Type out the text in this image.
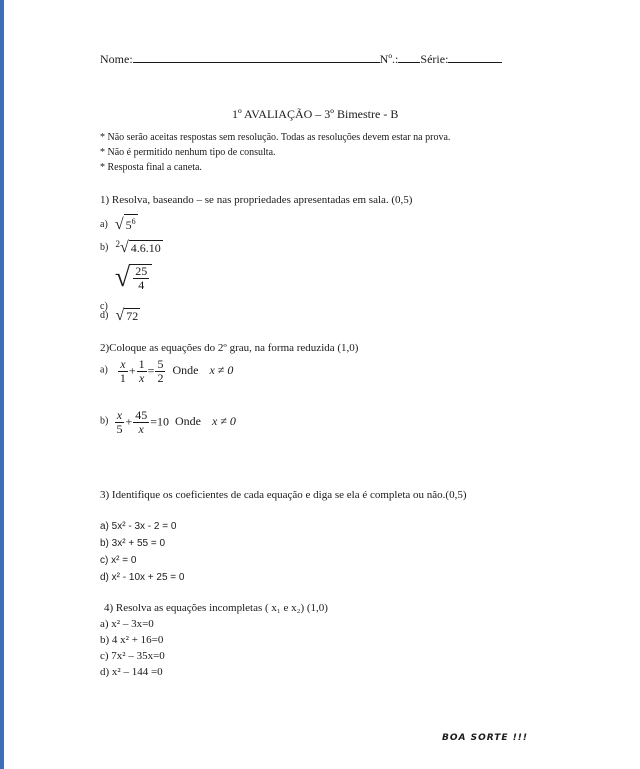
Nome:	Nº.: Série:
1º AVALIAÇÃO – 3º Bimestre - B
* Não serão aceitas respostas sem resolução. Todas as resoluções devem estar na prova.
* Não é permitido nenhum tipo de consulta.
* Resposta final a caneta.
1) Resolva, baseando – se nas propriedades apresentadas em sala. (0,5)
a) √ $5^6$
b) $^2$√ 4.6.10
$_{c)}$ √ $\frac{25}{4}$
d) √ 72
2)Coloque as equações do 2º grau, na forma reduzida (1,0)
$a) \frac{x}{1} + \frac{1}{x} = \frac{5}{2}$ Onde x ≠ 0
$b) \frac{x}{5} + \frac{45}{x} =10$ Onde x ≠ 0
3) Identifique os coeficientes de cada equação e diga se ela é completa ou não.(0,5)
a) 5x² - 3x - 2 = 0
b) 3x² + 55 = 0
c) x² = 0
d) x² - 10x + 25 = 0
4) Resolva as equações incompletas ( x₁ e x₂) (1,0)
a) x² – 3x=0
b) 4 x² + 16=0
c) 7x² – 35x=0
d) x² – 144 =0
BOA SORTE !!!
